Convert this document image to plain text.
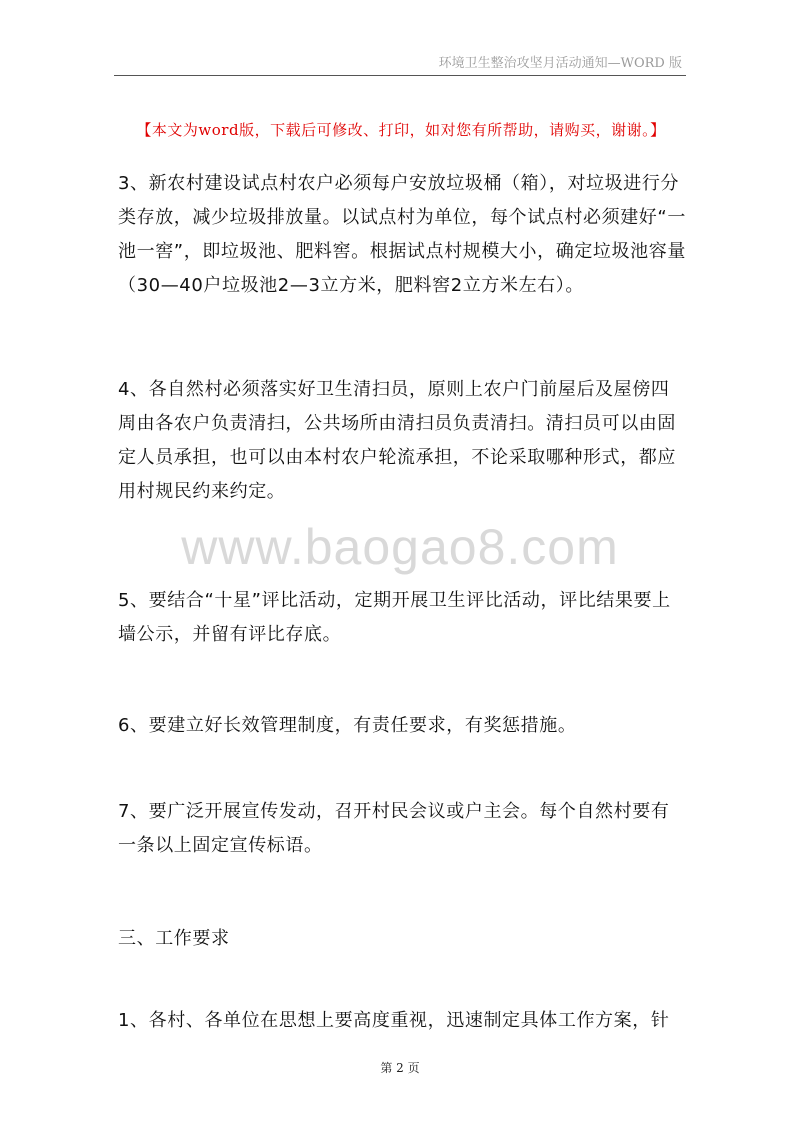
环境卫生整治攻坚月活动通知—WORD 版
【本文为word版，下载后可修改、打印，如对您有所帮助，请购买，谢谢。】

3、新农村建设试点村农户必须每户安放垃圾桶（箱），对垃圾进行分类存放，减少垃圾排放量。以试点村为单位，每个试点村必须建好“一池一窖”，即垃圾池、肥料窖。根据试点村规模大小，确定垃圾池容量（30—40户垃圾池2—3立方米，肥料窖2立方米左右）。

4、各自然村必须落实好卫生清扫员，原则上农户门前屋后及屋傍四周由各农户负责清扫，公共场所由清扫员负责清扫。清扫员可以由固定人员承担，也可以由本村农户轮流承担，不论采取哪种形式，都应用村规民约来约定。

www.baogao8.com

5、要结合“十星”评比活动，定期开展卫生评比活动，评比结果要上墙公示，并留有评比存底。

6、要建立好长效管理制度，有责任要求，有奖惩措施。

7、要广泛开展宣传发动，召开村民会议或户主会。每个自然村要有一条以上固定宣传标语。

三、工作要求

1、各村、各单位在思想上要高度重视，迅速制定具体工作方案，针

第 2 页
